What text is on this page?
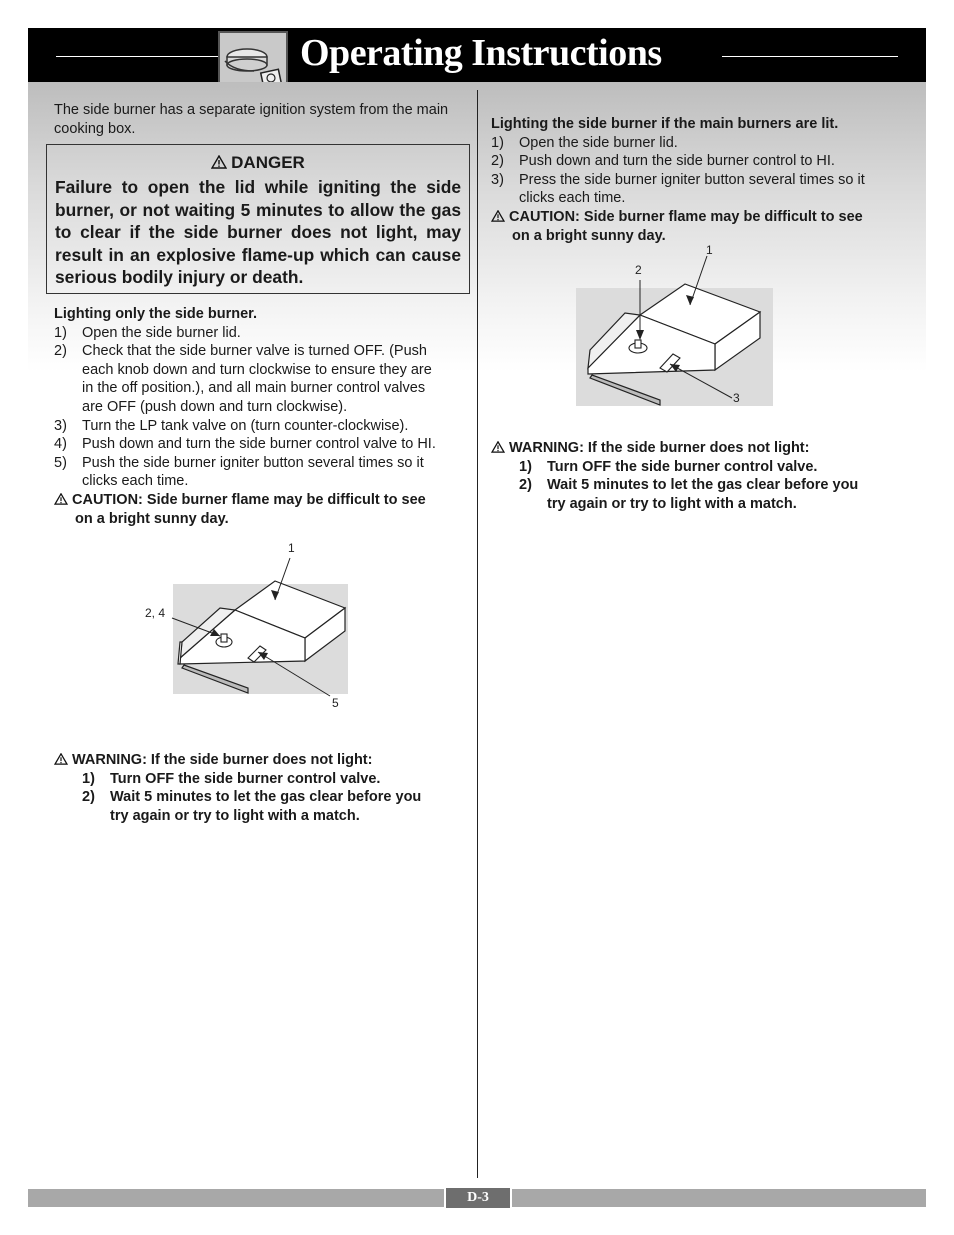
Operating Instructions
The side burner has a separate ignition system from the main cooking box.
DANGER
Failure to open the lid while igniting the side burner, or not waiting 5 minutes to allow the gas to clear if the side burner does not light, may result in an explosive flame-up which can cause serious bodily injury or death.
Lighting only the side burner.
1) Open the side burner lid.
2) Check that the side burner valve is turned OFF. (Push
each knob down and turn clockwise to ensure they are
in the off position.), and all main burner control valves
are OFF (push down and turn clockwise).
3) Turn the LP tank valve on (turn counter-clockwise).
4) Push down and turn the side burner control valve to HI.
5) Push the side burner igniter button several times so it
clicks each time.
CAUTION: Side burner flame may be difficult to see
on a bright sunny day.
WARNING: If the side burner does not light:
1) Turn OFF the side burner control valve.
2) Wait 5 minutes to let the gas clear before you
try again or try to light with a match.
Lighting the side burner if the main burners are lit.
1) Open the side burner lid.
2) Push down and turn the side burner control to HI.
3) Press the side burner igniter button several times so it
clicks each time.
CAUTION: Side burner flame may be difficult to see
on a bright sunny day.
WARNING: If the side burner does not light:
1) Turn OFF the side burner control valve.
2) Wait 5 minutes to let the gas clear before you
try again or try to light with a match.
1
2, 4
5
1
2
3
D-3
